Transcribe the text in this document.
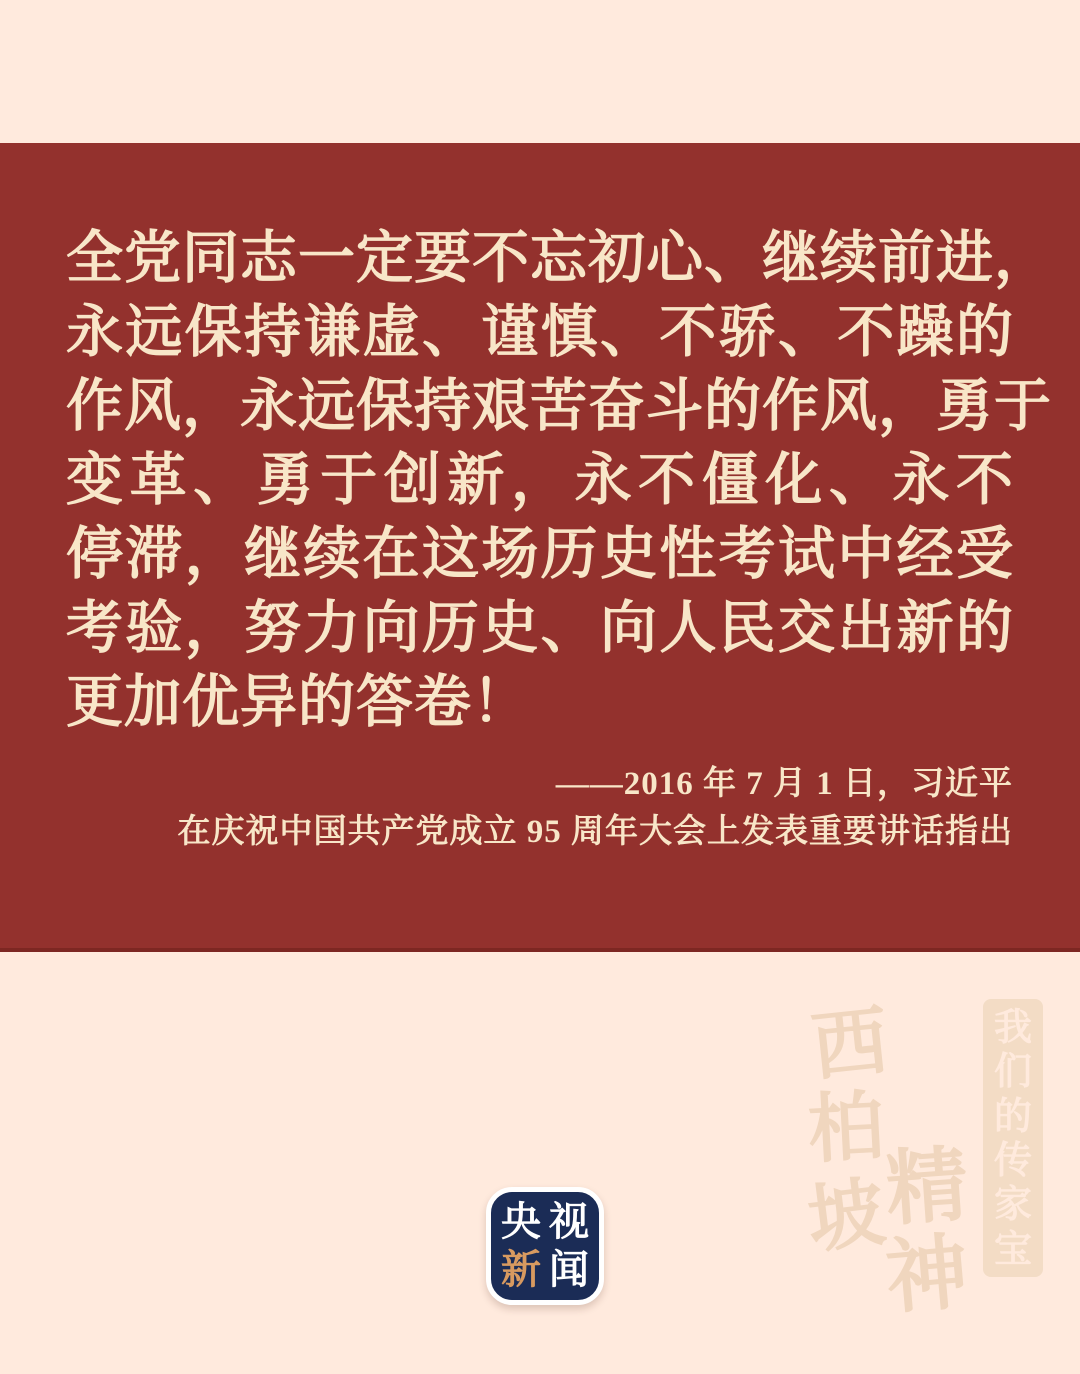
全党同志一定要不忘初心、继续前进，
永远保持谦虚、谨慎、不骄、不躁的
作风，永远保持艰苦奋斗的作风，勇于
变革、勇于创新，永不僵化、永不
停滞，继续在这场历史性考试中经受
考验，努力向历史、向人民交出新的
更加优异的答卷！
——2016 年 7 月 1 日，习近平
在庆祝中国共产党成立 95 周年大会上发表重要讲话指出
西
柏
坡
精
神
我
们
的
传
家
宝
央 视
新 闻
